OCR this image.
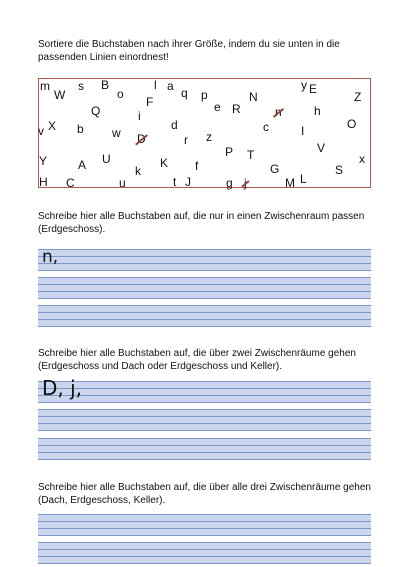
Sortiere die Buchstaben nach ihrer Größe, indem du sie unten in die passenden Linien einordnest!

m
W
s B
o
l a q p	N
y E
Z
Q
F	e R	n	h
i
v X b w D
d
r z
c	I	O
V
P T
Y	A U
k
K f	G	S
x
H C	u	t J	g j	M L

Schreibe hier alle Buchstaben auf, die nur in einen Zwischenraum passen (Erdgeschoss).

n,

Schreibe hier alle Buchstaben auf, die über zwei Zwischenräume gehen (Erdgeschoss und Dach oder Erdgeschoss und Keller).

D, j,

Schreibe hier alle Buchstaben auf, die über alle drei Zwischenräume gehen (Dach, Erdgeschoss, Keller).
